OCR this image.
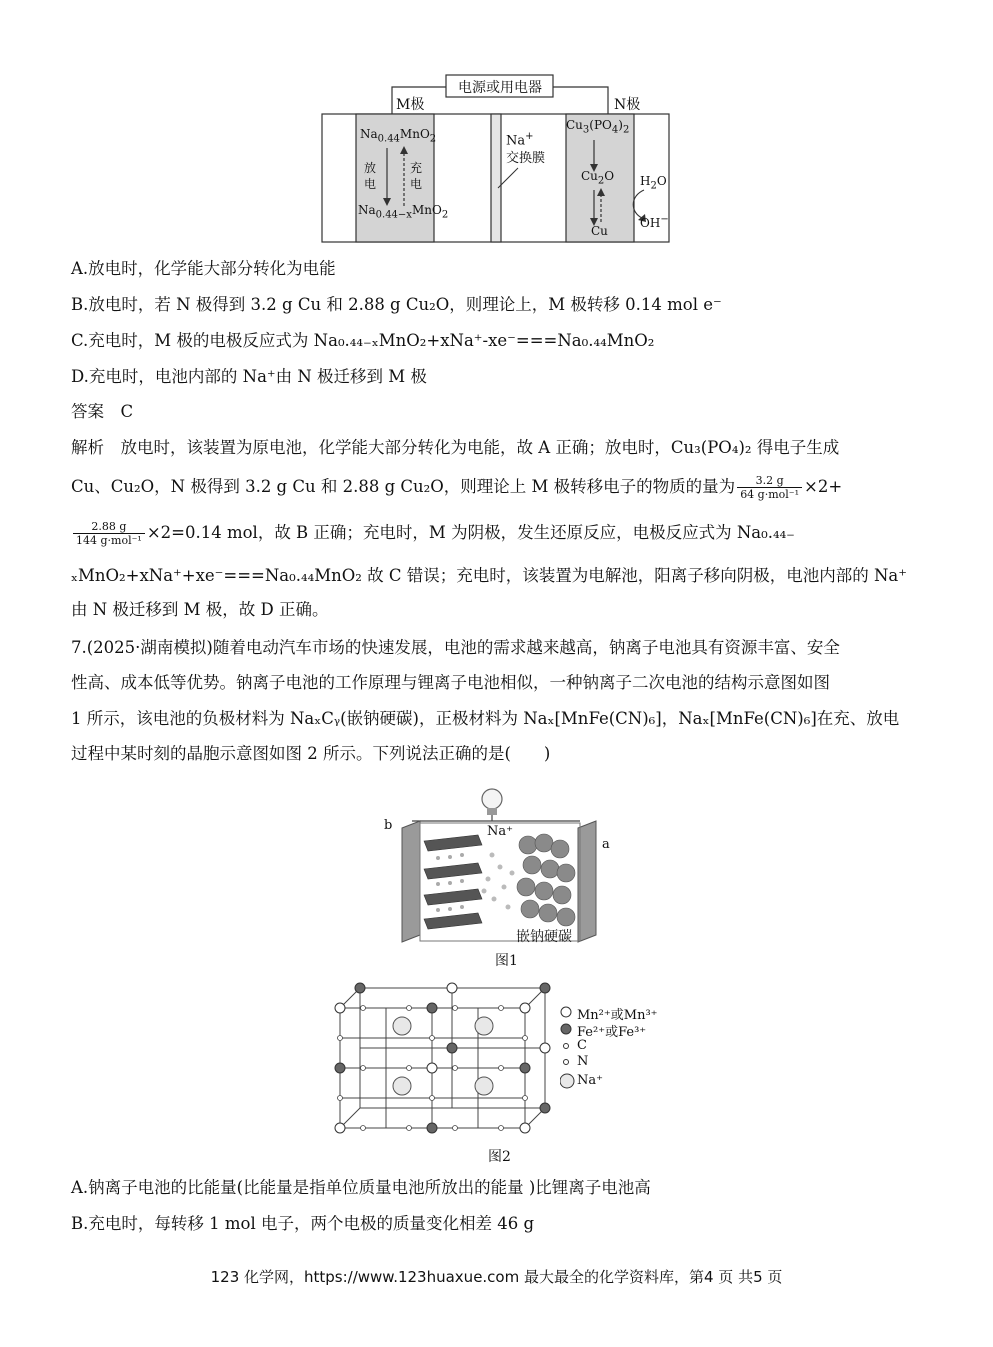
电源或用电器
M极	N极
$Na_{0.44}MnO_2$
放
电
充
电
$Na_{0.44-x}MnO_2$
Na+
交换膜
$Cu_3(PO_4)_2$
$Cu_2O$
Cu
$H_2O$
OH−
A.放电时，化学能大部分转化为电能
B.放电时，若 N 极得到 3.2 g Cu 和 2.88 g Cu₂O，则理论上，M 极转移 0.14 mol e⁻
C.充电时，M 极的电极反应式为 Na₀.₄₄₋ₓMnO₂+xNa⁺-xe⁻===Na₀.₄₄MnO₂
D.充电时，电池内部的 Na⁺由 N 极迁移到 M 极
答案　C
解析　放电时，该装置为原电池，化学能大部分转化为电能，故 A 正确；放电时，Cu₃(PO₄)₂ 得电子生成
Cu、Cu₂O，N 极得到 3.2 g Cu 和 2.88 g Cu₂O，则理论上 M 极转移电子的物质的量为 $\frac{3.2 g}{\text{64 g·mol⁻¹}} \times 2+$
$\frac{2.88 g}{\text{144 g·mol⁻¹}} \times 2=0.14$ mol，故 B 正确；充电时，M 为阴极，发生还原反应，电极反应式为 Na₀.₄₄₋
ₓMnO₂+xNa⁺+xe⁻===Na₀.₄₄MnO₂ 故 C 错误；充电时，该装置为电解池，阳离子移向阴极，电池内部的 Na⁺
由 N 极迁移到 M 极，故 D 正确。
7.(2025·湖南模拟)随着电动汽车市场的快速发展，电池的需求越来越高，钠离子电池具有资源丰富、安全
性高、成本低等优势。钠离子电池的工作原理与锂离子电池相似，一种钠离子二次电池的结构示意图如图
1 所示，该电池的负极材料为 NaₓCᵧ(嵌钠硬碳)，正极材料为 Naₓ[MnFe(CN)₆]，Naₓ[MnFe(CN)₆]在充、放电
过程中某时刻的晶胞示意图如图 2 所示。下列说法正确的是(　　)
b
a
Na⁺
嵌钠硬碳
图1
Mn²⁺或Mn³⁺
Fe²⁺或Fe³⁺
C
N
Na⁺
图2
A.钠离子电池的比能量(比能量是指单位质量电池所放出的能量 )比锂离子电池高
B.充电时，每转移 1 mol 电子，两个电极的质量变化相差 46 g
123 化学网，https://www.123huaxue.com 最大最全的化学资料库，第4 页 共5 页
